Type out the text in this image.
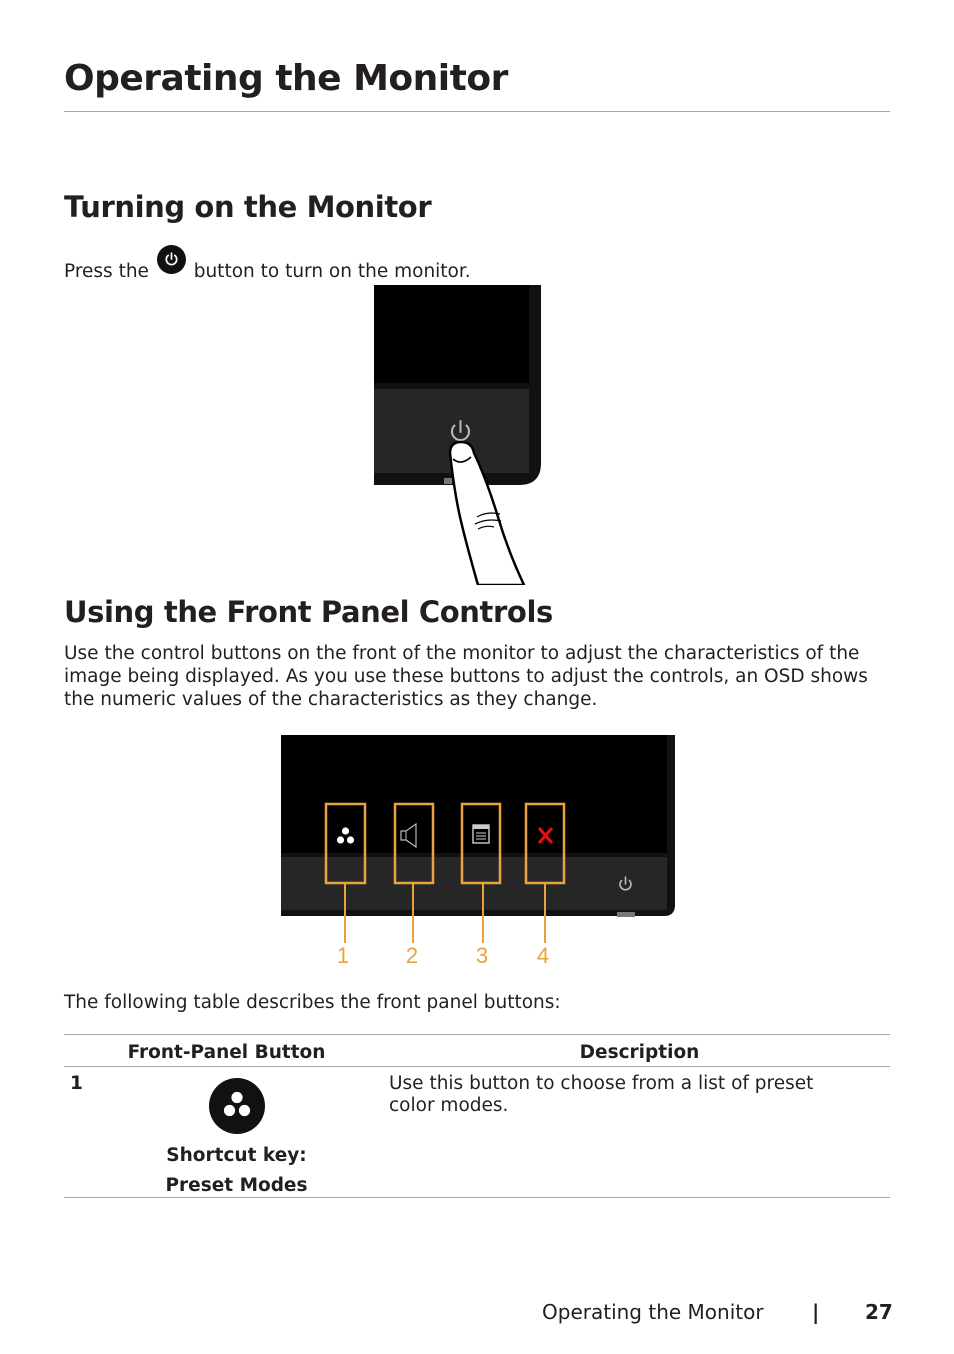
Operating the Monitor
Turning on the Monitor

Press the button to turn on the monitor.

Using the Front Panel Controls

Use the control buttons on the front of the monitor to adjust the characteristics of the image being displayed. As you use these buttons to adjust the controls, an OSD shows the numeric values of the characteristics as they change.

1	2	3 4

The following table describes the front panel buttons:

Front-Panel Button	Description

1
Shortcut key:
Preset Modes	Use this button to choose from a list of preset color modes.
Operating the Monitor | 27
